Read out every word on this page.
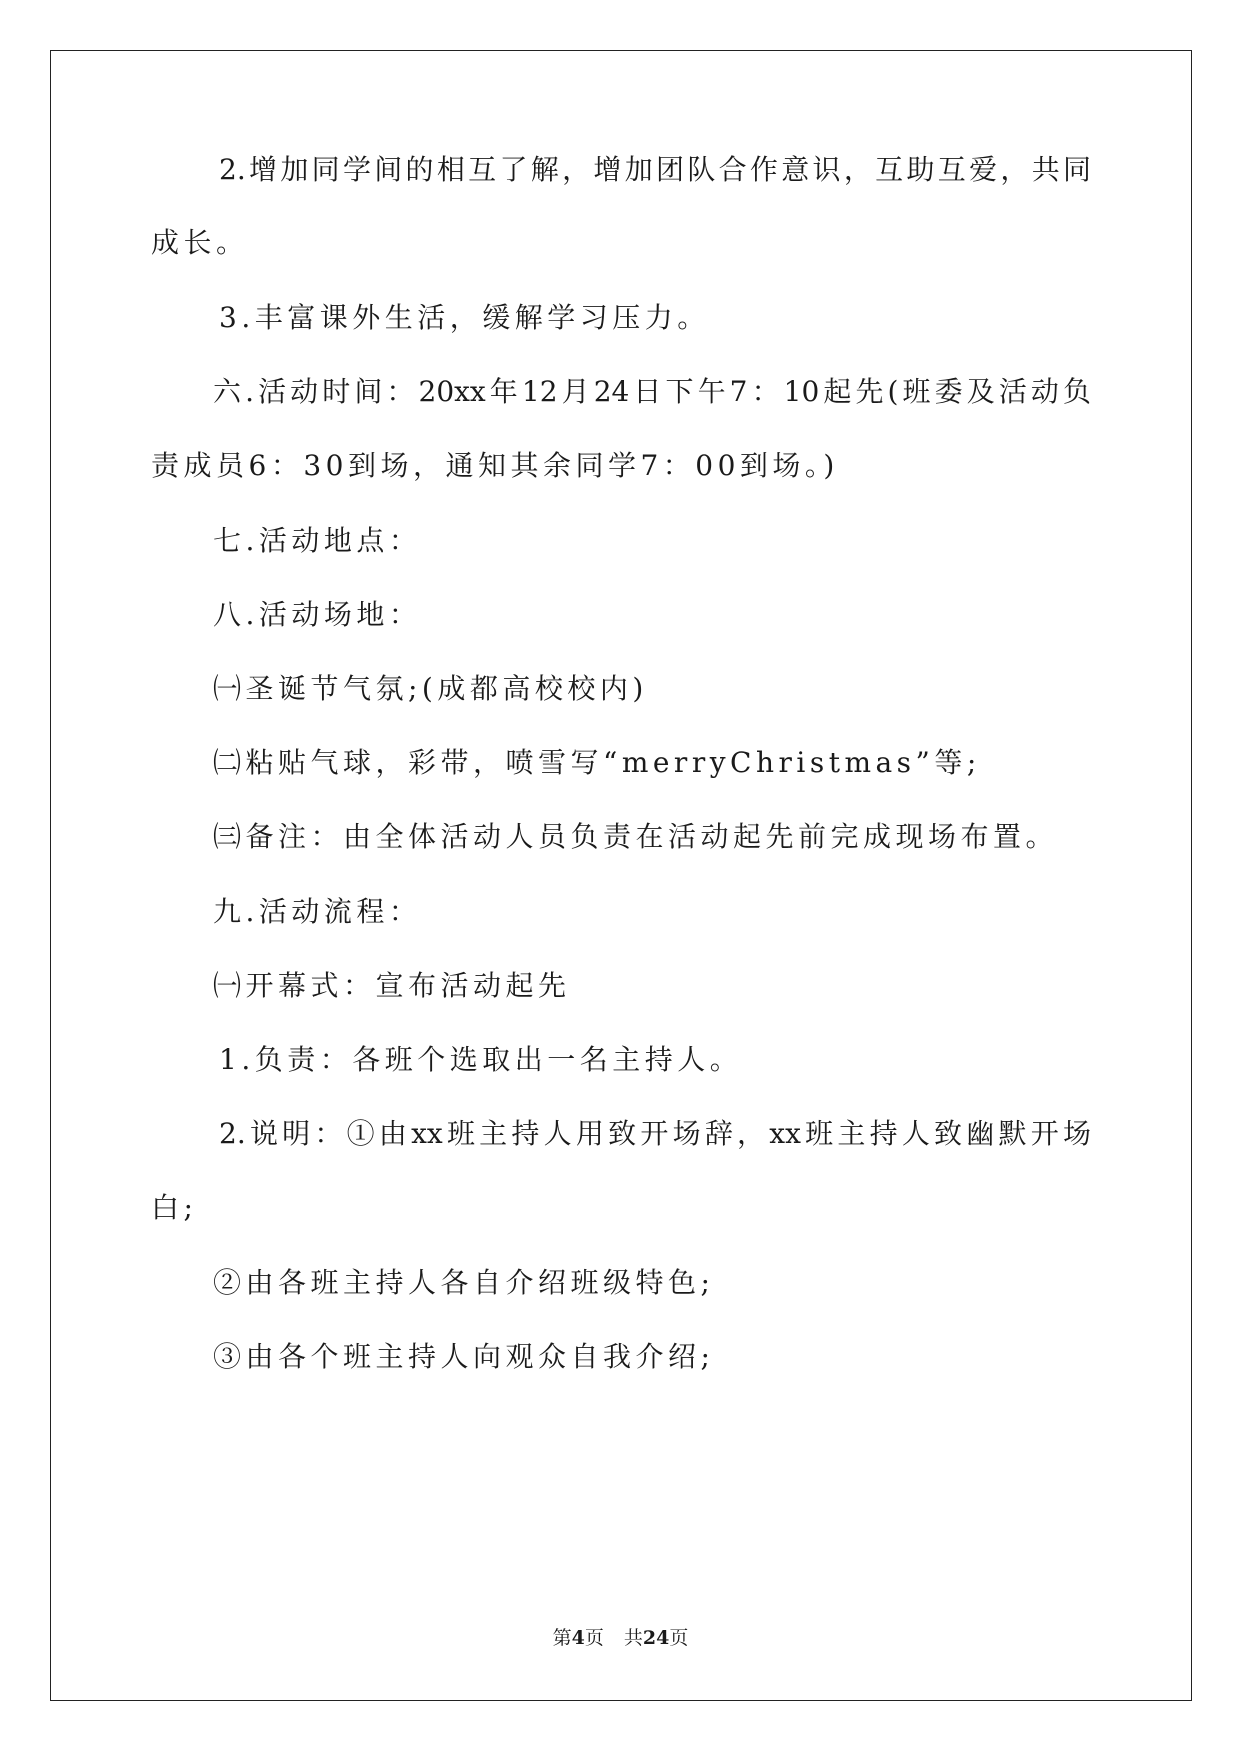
2.增加同学间的相互了解，增加团队合作意识，互助互爱，共同
成长。
3.丰富课外生活，缓解学习压力。
六.活动时间：20xx年12月24日下午7：10起先(班委及活动负
责成员6：30到场，通知其余同学7：00到场。)
七.活动地点：
八.活动场地：
㈠圣诞节气氛;(成都高校校内)
㈡粘贴气球，彩带，喷雪写“merryChristmas”等;
㈢备注：由全体活动人员负责在活动起先前完成现场布置。
九.活动流程：
㈠开幕式：宣布活动起先
1.负责：各班个选取出一名主持人。
2.说明：①由xx班主持人用致开场辞，xx班主持人致幽默开场
白;
②由各班主持人各自介绍班级特色;
③由各个班主持人向观众自我介绍;
第4页 共24页
